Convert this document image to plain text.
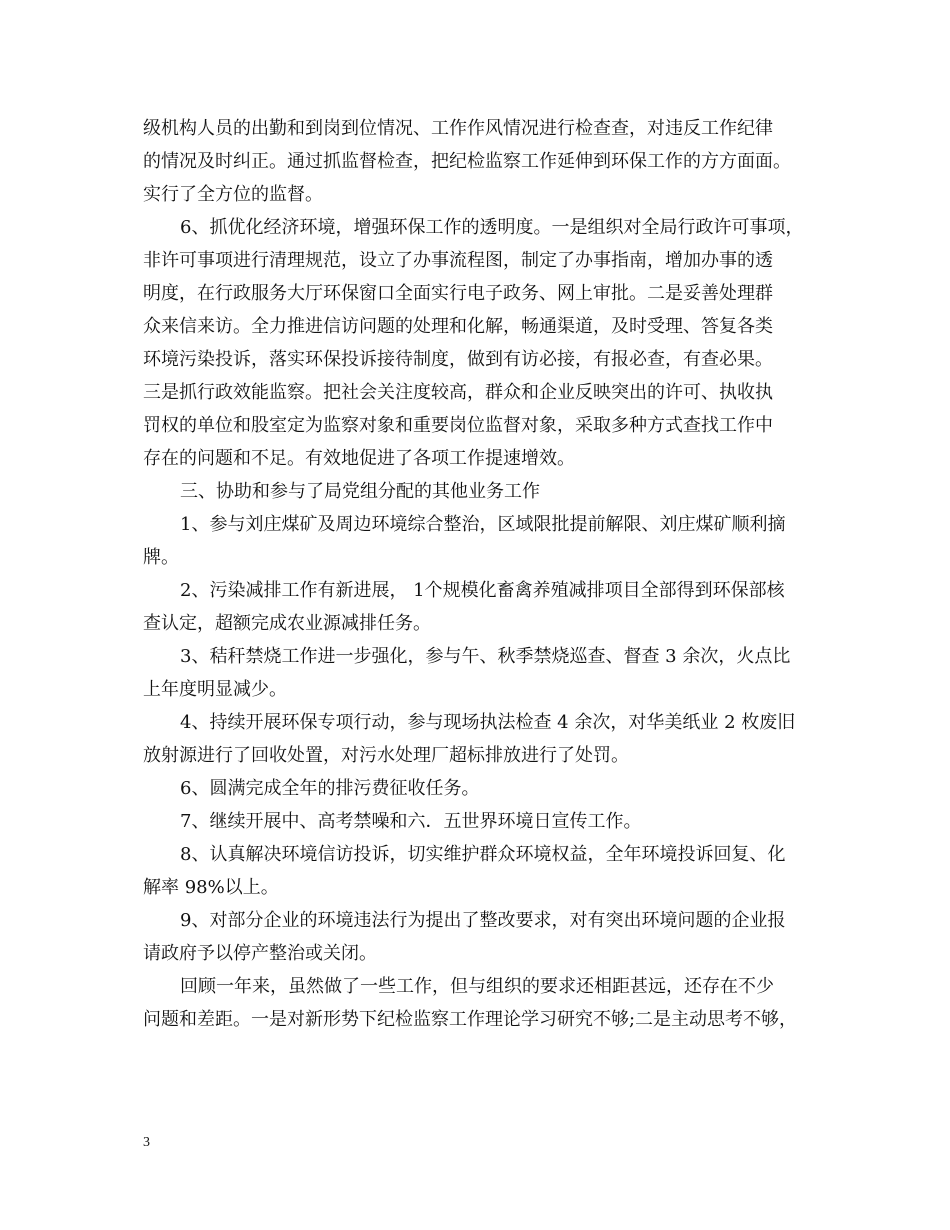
级机构人员的出勤和到岗到位情况、工作作风情况进行检查查，对违反工作纪律
的情况及时纠正。通过抓监督检查，把纪检监察工作延伸到环保工作的方方面面。
实行了全方位的监督。
6、抓优化经济环境，增强环保工作的透明度。一是组织对全局行政许可事项，
非许可事项进行清理规范，设立了办事流程图，制定了办事指南，增加办事的透
明度，在行政服务大厅环保窗口全面实行电子政务、网上审批。二是妥善处理群
众来信来访。全力推进信访问题的处理和化解，畅通渠道，及时受理、答复各类
环境污染投诉，落实环保投诉接待制度，做到有访必接，有报必查，有查必果。
三是抓行政效能监察。把社会关注度较高，群众和企业反映突出的许可、执收执
罚权的单位和股室定为监察对象和重要岗位监督对象，采取多种方式查找工作中
存在的问题和不足。有效地促进了各项工作提速增效。
三、协助和参与了局党组分配的其他业务工作
1、参与刘庄煤矿及周边环境综合整治，区域限批提前解限、刘庄煤矿顺利摘
牌。
2、污染减排工作有新进展， 1个规模化畜禽养殖减排项目全部得到环保部核
查认定，超额完成农业源减排任务。
3、秸秆禁烧工作进一步强化，参与午、秋季禁烧巡查、督查 3 余次，火点比
上年度明显减少。
4、持续开展环保专项行动，参与现场执法检查 4 余次，对华美纸业 2 枚废旧
放射源进行了回收处置，对污水处理厂超标排放进行了处罚。
6、圆满完成全年的排污费征收任务。
7、继续开展中、高考禁噪和六．五世界环境日宣传工作。
8、认真解决环境信访投诉，切实维护群众环境权益，全年环境投诉回复、化
解率 98%以上。
9、对部分企业的环境违法行为提出了整改要求，对有突出环境问题的企业报
请政府予以停产整治或关闭。
回顾一年来，虽然做了一些工作，但与组织的要求还相距甚远，还存在不少
问题和差距。一是对新形势下纪检监察工作理论学习研究不够;二是主动思考不够，
3
